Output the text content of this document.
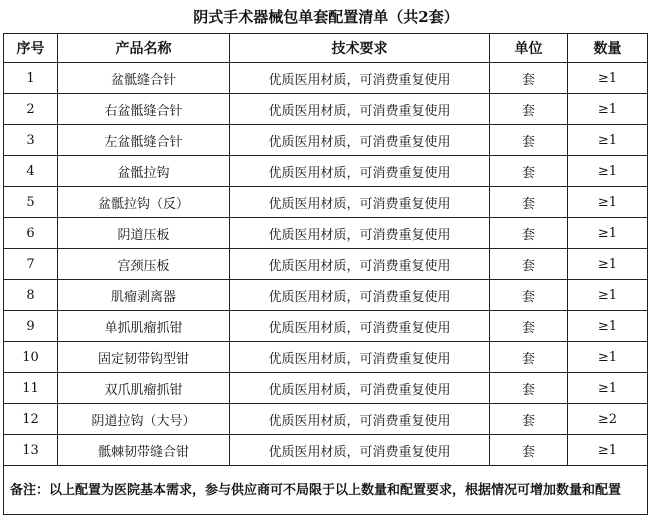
阴式手术器械包单套配置清单（共2套）
序号	产品名称	技术要求	单位	数量
1	盆骶缝合针	优质医用材质，可消费重复使用	套	≥1
2	右盆骶缝合针	优质医用材质，可消费重复使用	套	≥1
3	左盆骶缝合针	优质医用材质，可消费重复使用	套	≥1
4	盆骶拉钩	优质医用材质，可消费重复使用	套	≥1
5	盆骶拉钩（反）	优质医用材质，可消费重复使用	套	≥1
6	阴道压板	优质医用材质，可消费重复使用	套	≥1
7	宫颈压板	优质医用材质，可消费重复使用	套	≥1
8	肌瘤剥离器	优质医用材质，可消费重复使用	套	≥1
9	单抓肌瘤抓钳	优质医用材质，可消费重复使用	套	≥1
10	固定韧带钩型钳	优质医用材质，可消费重复使用	套	≥1
11	双爪肌瘤抓钳	优质医用材质，可消费重复使用	套	≥1
12	阴道拉钩（大号）	优质医用材质，可消费重复使用	套	≥2
13	骶棘韧带缝合钳	优质医用材质，可消费重复使用	套	≥1
备注：以上配置为医院基本需求，参与供应商可不局限于以上数量和配置要求，根据情况可增加数量和配置				
